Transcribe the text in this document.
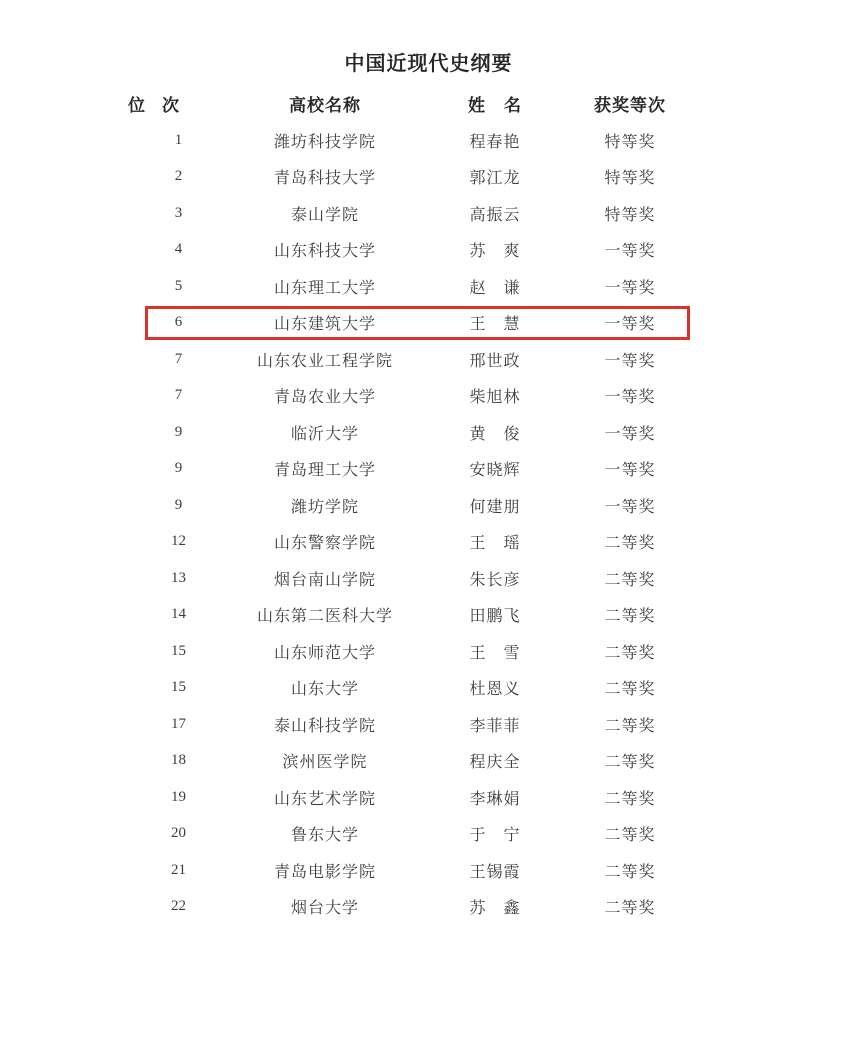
中国近现代史纲要
位　次	高校名称	姓　名	获奖等次
1	潍坊科技学院	程春艳	特等奖
2	青岛科技大学	郭江龙	特等奖
3	泰山学院	高振云	特等奖
4	山东科技大学	苏　爽	一等奖
5	山东理工大学	赵　谦	一等奖
6	山东建筑大学	王　慧	一等奖
7	山东农业工程学院	邢世政	一等奖
7	青岛农业大学	柴旭林	一等奖
9	临沂大学	黄　俊	一等奖
9	青岛理工大学	安晓辉	一等奖
9	潍坊学院	何建朋	一等奖
12	山东警察学院	王　瑶	二等奖
13	烟台南山学院	朱长彦	二等奖
14	山东第二医科大学	田鹏飞	二等奖
15	山东师范大学	王　雪	二等奖
15	山东大学	杜恩义	二等奖
17	泰山科技学院	李菲菲	二等奖
18	滨州医学院	程庆全	二等奖
19	山东艺术学院	李琳娟	二等奖
20	鲁东大学	于　宁	二等奖
21	青岛电影学院	王锡霞	二等奖
22	烟台大学	苏　鑫	二等奖
